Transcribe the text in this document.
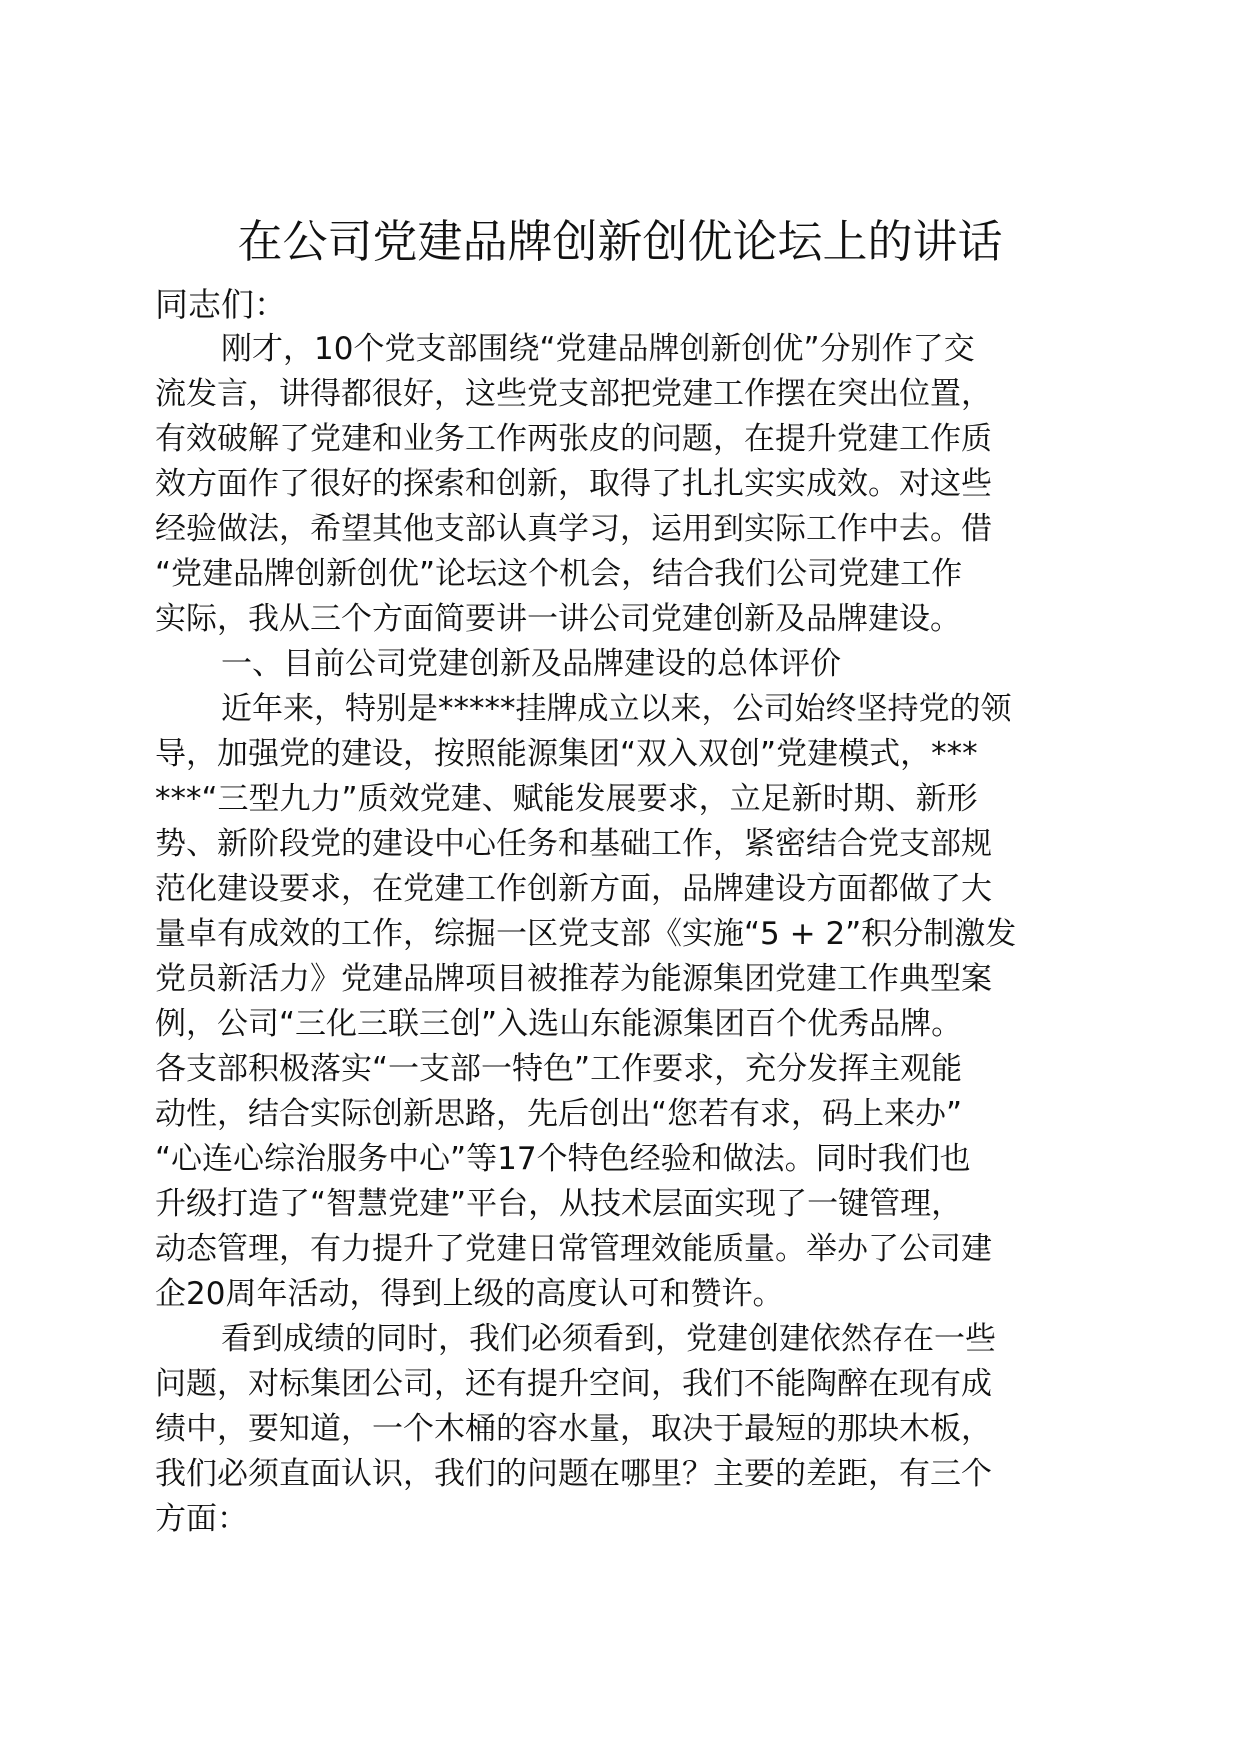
在公司党建品牌创新创优论坛上的讲话

同志们：

刚才，10个党支部围绕“党建品牌创新创优”分别作了交
流发言，讲得都很好，这些党支部把党建工作摆在突出位置，
有效破解了党建和业务工作两张皮的问题，在提升党建工作质
效方面作了很好的探索和创新，取得了扎扎实实成效。对这些
经验做法，希望其他支部认真学习，运用到实际工作中去。借
“党建品牌创新创优”论坛这个机会，结合我们公司党建工作
实际，我从三个方面简要讲一讲公司党建创新及品牌建设。
一、目前公司党建创新及品牌建设的总体评价
近年来，特别是*****挂牌成立以来，公司始终坚持党的领
导，加强党的建设，按照能源集团“双入双创”党建模式，***
***“三型九力”质效党建、赋能发展要求，立足新时期、新形
势、新阶段党的建设中心任务和基础工作，紧密结合党支部规
范化建设要求，在党建工作创新方面，品牌建设方面都做了大
量卓有成效的工作，综掘一区党支部《实施“5 + 2”积分制激发
党员新活力》党建品牌项目被推荐为能源集团党建工作典型案
例，公司“三化三联三创”入选山东能源集团百个优秀品牌。
各支部积极落实“一支部一特色”工作要求，充分发挥主观能
动性，结合实际创新思路，先后创出“您若有求，码上来办”
“心连心综治服务中心”等17个特色经验和做法。同时我们也
升级打造了“智慧党建”平台，从技术层面实现了一键管理，
动态管理，有力提升了党建日常管理效能质量。举办了公司建
企20周年活动，得到上级的高度认可和赞许。
看到成绩的同时，我们必须看到，党建创建依然存在一些
问题，对标集团公司，还有提升空间，我们不能陶醉在现有成
绩中，要知道，一个木桶的容水量，取决于最短的那块木板，
我们必须直面认识，我们的问题在哪里？主要的差距，有三个
方面：
